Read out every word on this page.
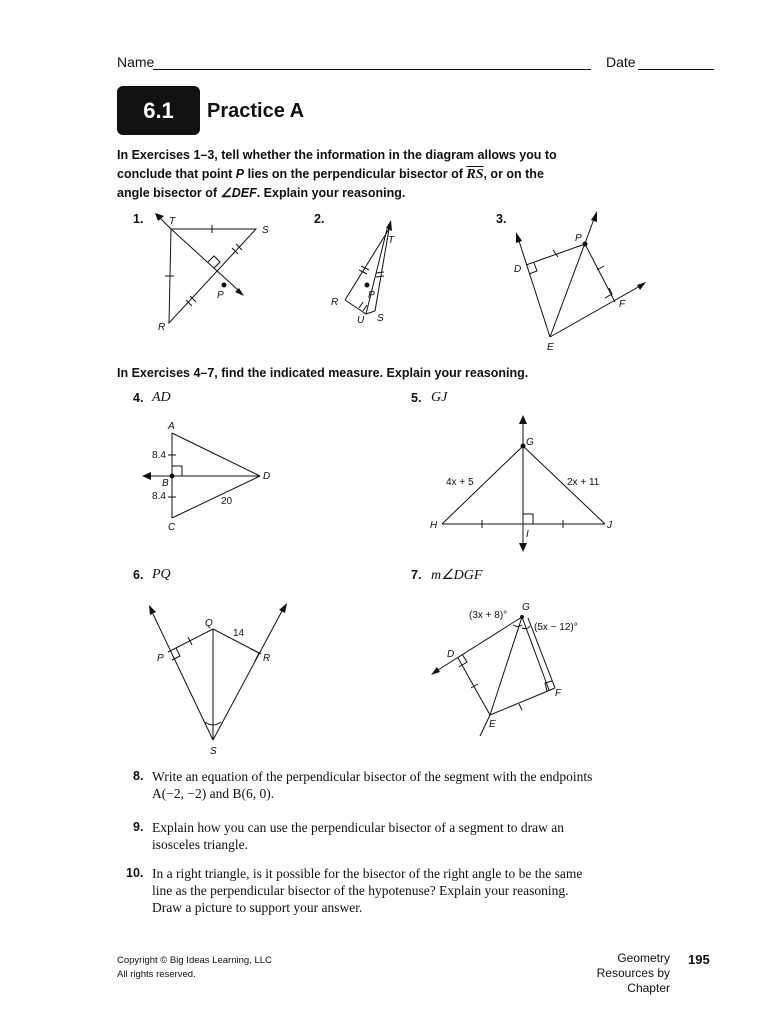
Name	Date
6.1	Practice A
In Exercises 1–3, tell whether the information in the diagram allows you to
conclude that point P lies on the perpendicular bisector of $\overline{RS}$, or on the
angle bisector of ∠DEF. Explain your reasoning.
1.	2.	3.
T
S
R
P
T
R
P
U S
P
D
F
E
In Exercises 4–7, find the indicated measure. Explain your reasoning.
4. AD
A
B
C
D
8.4
8.4	20
5. GJ
G
H
I
J
4x + 5	2x + 11
6. PQ
Q
P	R
S
14
7. m∠DGF
G
D
F
E
(3x + 8)°
(5x − 12)°
8. Write an equation of the perpendicular bisector of the segment with the endpoints
A(−2, −2) and B(6, 0).
9. Explain how you can use the perpendicular bisector of a segment to draw an
isosceles triangle.
10. In a right triangle, is it possible for the bisector of the right angle to be the same
line as the perpendicular bisector of the hypotenuse? Explain your reasoning.
Draw a picture to support your answer.
Copyright © Big Ideas Learning, LLC
All rights reserved.
Geometry
Resources by Chapter
195
